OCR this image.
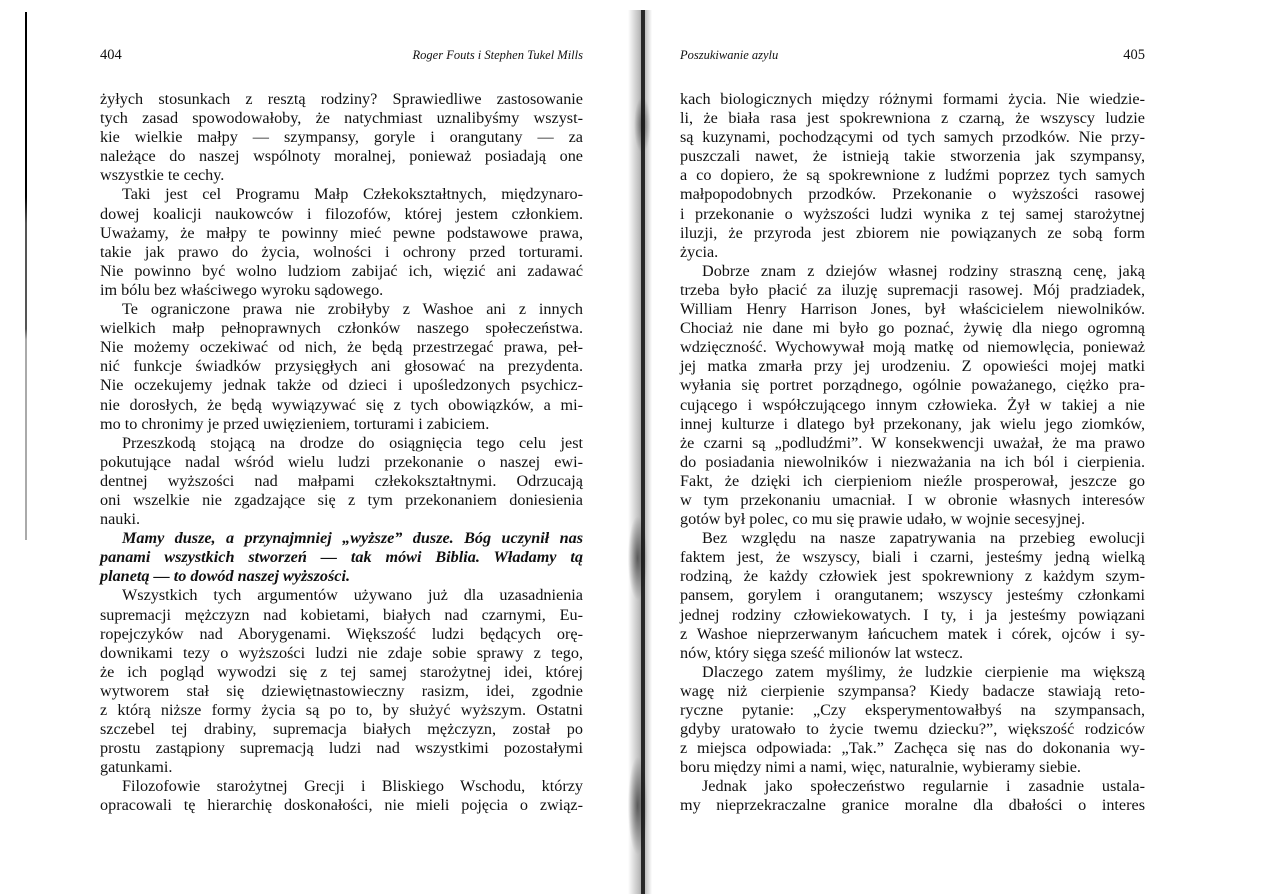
404	Roger Fouts i Stephen Tukel Mills
żyłych stosunkach z resztą rodziny? Sprawiedliwe zastosowanie
tych zasad spowodowałoby, że natychmiast uznalibyśmy wszyst-
kie wielkie małpy — szympansy, goryle i orangutany — za
należące do naszej wspólnoty moralnej, ponieważ posiadają one
wszystkie te cechy.
Taki jest cel Programu Małp Człekokształtnych, międzynaro-
dowej koalicji naukowców i filozofów, której jestem członkiem.
Uważamy, że małpy te powinny mieć pewne podstawowe prawa,
takie jak prawo do życia, wolności i ochrony przed torturami.
Nie powinno być wolno ludziom zabijać ich, więzić ani zadawać
im bólu bez właściwego wyroku sądowego.
Te ograniczone prawa nie zrobiłyby z Washoe ani z innych
wielkich małp pełnoprawnych członków naszego społeczeństwa.
Nie możemy oczekiwać od nich, że będą przestrzegać prawa, peł-
nić funkcje świadków przysięgłych ani głosować na prezydenta.
Nie oczekujemy jednak także od dzieci i upośledzonych psychicz-
nie dorosłych, że będą wywiązywać się z tych obowiązków, a mi-
mo to chronimy je przed uwięzieniem, torturami i zabiciem.
Przeszkodą stojącą na drodze do osiągnięcia tego celu jest
pokutujące nadal wśród wielu ludzi przekonanie o naszej ewi-
dentnej wyższości nad małpami człekokształtnymi. Odrzucają
oni wszelkie nie zgadzające się z tym przekonaniem doniesienia
nauki.
Mamy dusze, a przynajmniej „wyższe” dusze. Bóg uczynił nas
panami wszystkich stworzeń — tak mówi Biblia. Władamy tą
planetą — to dowód naszej wyższości.
Wszystkich tych argumentów używano już dla uzasadnienia
supremacji mężczyzn nad kobietami, białych nad czarnymi, Eu-
ropejczyków nad Aborygenami. Większość ludzi będących orę-
downikami tezy o wyższości ludzi nie zdaje sobie sprawy z tego,
że ich pogląd wywodzi się z tej samej starożytnej idei, której
wytworem stał się dziewiętnastowieczny rasizm, idei, zgodnie
z którą niższe formy życia są po to, by służyć wyższym. Ostatni
szczebel tej drabiny, supremacja białych mężczyzn, został po
prostu zastąpiony supremacją ludzi nad wszystkimi pozostałymi
gatunkami.
Filozofowie starożytnej Grecji i Bliskiego Wschodu, którzy
opracowali tę hierarchię doskonałości, nie mieli pojęcia o związ-
Poszukiwanie azylu	405
kach biologicznych między różnymi formami życia. Nie wiedzie-
li, że biała rasa jest spokrewniona z czarną, że wszyscy ludzie
są kuzynami, pochodzącymi od tych samych przodków. Nie przy-
puszczali nawet, że istnieją takie stworzenia jak szympansy,
a co dopiero, że są spokrewnione z ludźmi poprzez tych samych
małpopodobnych przodków. Przekonanie o wyższości rasowej
i przekonanie o wyższości ludzi wynika z tej samej starożytnej
iluzji, że przyroda jest zbiorem nie powiązanych ze sobą form
życia.
Dobrze znam z dziejów własnej rodziny straszną cenę, jaką
trzeba było płacić za iluzję supremacji rasowej. Mój pradziadek,
William Henry Harrison Jones, był właścicielem niewolników.
Chociaż nie dane mi było go poznać, żywię dla niego ogromną
wdzięczność. Wychowywał moją matkę od niemowlęcia, ponieważ
jej matka zmarła przy jej urodzeniu. Z opowieści mojej matki
wyłania się portret porządnego, ogólnie poważanego, ciężko pra-
cującego i współczującego innym człowieka. Żył w takiej a nie
innej kulturze i dlatego był przekonany, jak wielu jego ziomków,
że czarni są „podludźmi”. W konsekwencji uważał, że ma prawo
do posiadania niewolników i niezważania na ich ból i cierpienia.
Fakt, że dzięki ich cierpieniom nieźle prosperował, jeszcze go
w tym przekonaniu umacniał. I w obronie własnych interesów
gotów był polec, co mu się prawie udało, w wojnie secesyjnej.
Bez względu na nasze zapatrywania na przebieg ewolucji
faktem jest, że wszyscy, biali i czarni, jesteśmy jedną wielką
rodziną, że każdy człowiek jest spokrewniony z każdym szym-
pansem, gorylem i orangutanem; wszyscy jesteśmy członkami
jednej rodziny człowiekowatych. I ty, i ja jesteśmy powiązani
z Washoe nieprzerwanym łańcuchem matek i córek, ojców i sy-
nów, który sięga sześć milionów lat wstecz.
Dlaczego zatem myślimy, że ludzkie cierpienie ma większą
wagę niż cierpienie szympansa? Kiedy badacze stawiają reto-
ryczne pytanie: „Czy eksperymentowałbyś na szympansach,
gdyby uratowało to życie twemu dziecku?”, większość rodziców
z miejsca odpowiada: „Tak.” Zachęca się nas do dokonania wy-
boru między nimi a nami, więc, naturalnie, wybieramy siebie.
Jednak jako społeczeństwo regularnie i zasadnie ustala-
my nieprzekraczalne granice moralne dla dbałości o interes
